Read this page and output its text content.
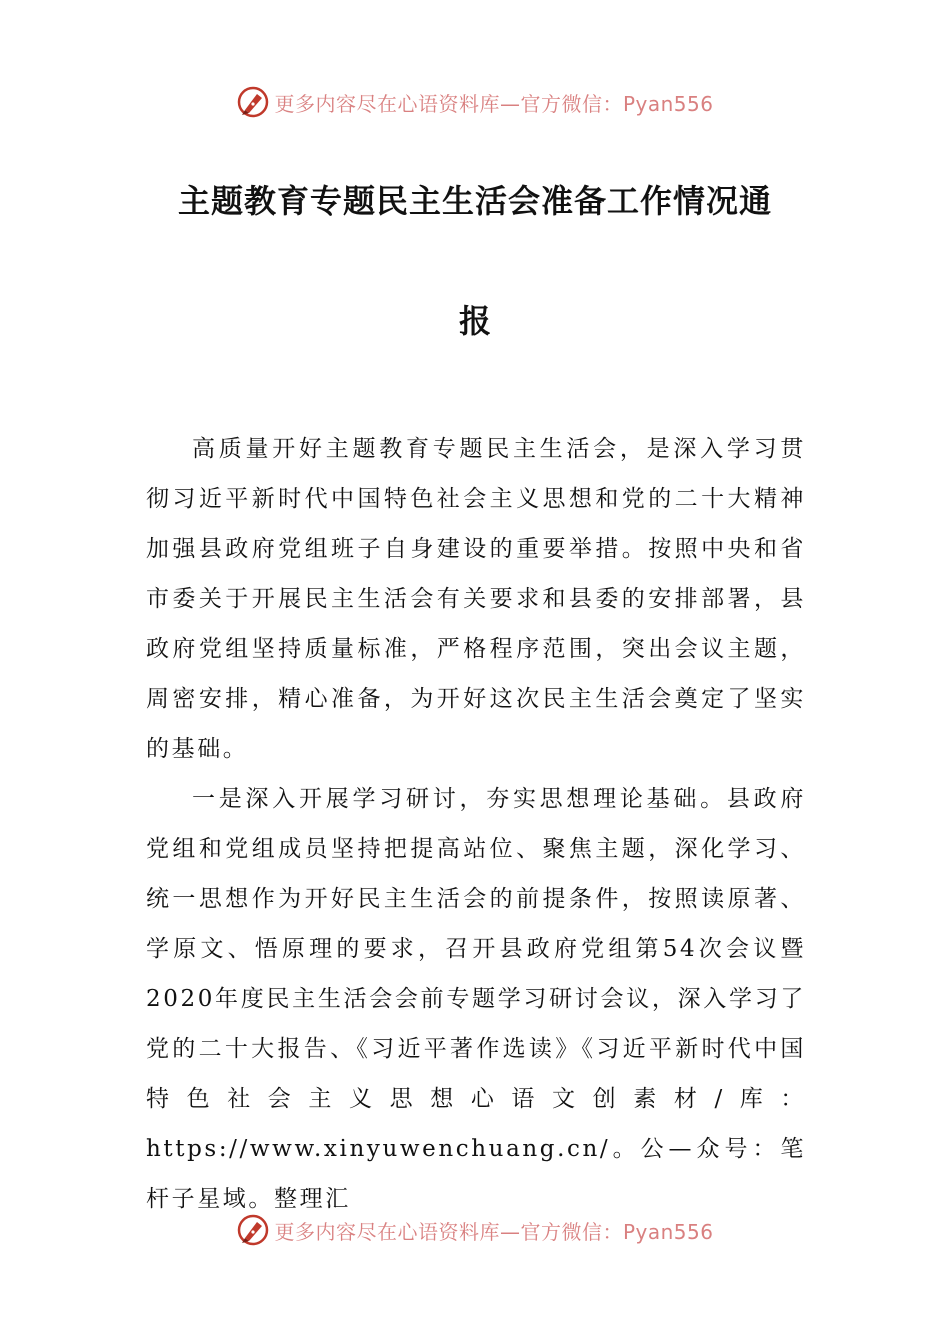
更多内容尽在心语资料库—官方微信：Pyan556
主题教育专题民主生活会准备工作情况通
报

高质量开好主题教育专题民主生活会，是深入学习贯彻习近平新时代中国特色社会主义思想和党的二十大精神加强县政府党组班子自身建设的重要举措。按照中央和省市委关于开展民主生活会有关要求和县委的安排部署，县政府党组坚持质量标准，严格程序范围，突出会议主题，周密安排，精心准备，为开好这次民主生活会奠定了坚实的基础。

一是深入开展学习研讨，夯实思想理论基础。县政府党组和党组成员坚持把提高站位、聚焦主题，深化学习、统一思想作为开好民主生活会的前提条件，按照读原著、学原文、悟原理的要求，召开县政府党组第54次会议暨2020年度民主生活会会前专题学习研讨会议，深入学习了党的二十大报告、《习近平著作选读》《习近平新时代中国特色社会主义思想心语文创素材/库：https://www.xinyuwenchuang.cn/。公—众号：笔杆子星域。整理汇

更多内容尽在心语资料库—官方微信：Pyan556
